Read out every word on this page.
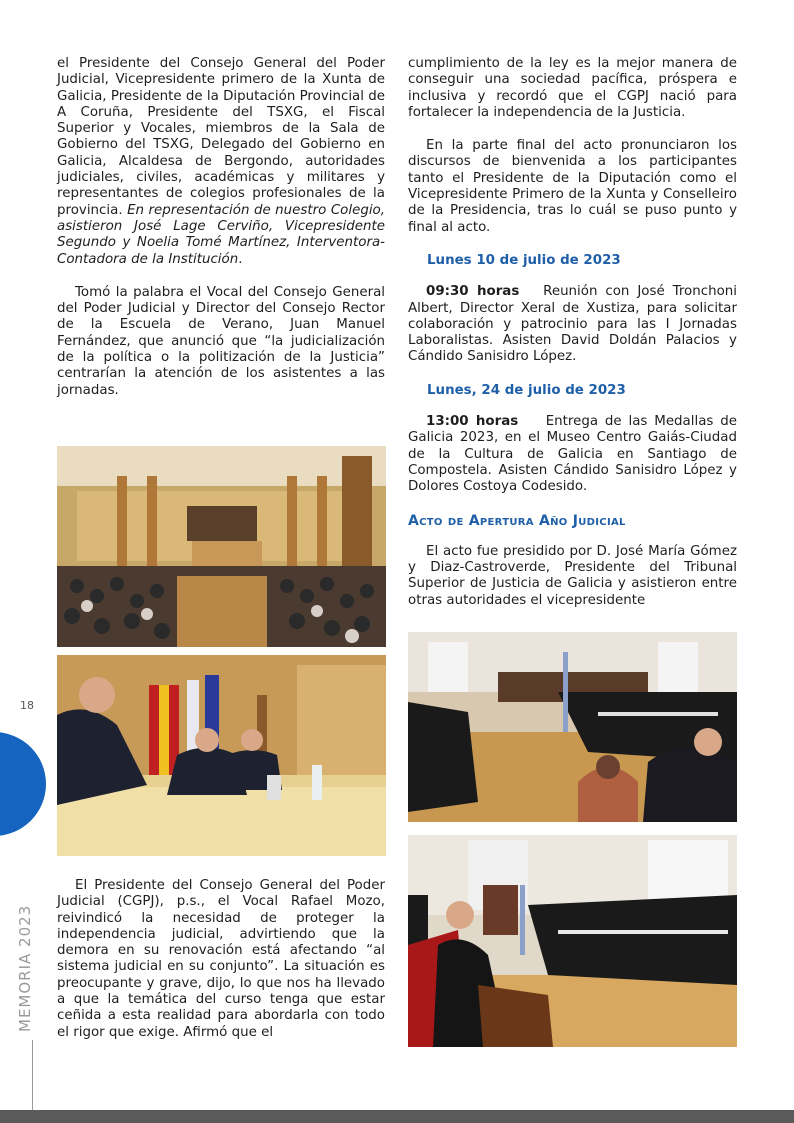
el Presidente del Consejo General del Poder Judicial, Vicepresidente primero de la Xunta de Galicia, Presidente de la Diputación Provincial de A Coruña, Presidente del TSXG, el Fiscal Superior y Vocales, miembros de la Sala de Gobierno del TSXG, Delegado del Gobierno en Galicia, Alcaldesa de Bergondo, autoridades judiciales, civiles, académicas y militares y representantes de colegios profesionales de la provincia. En representación de nuestro Colegio, asistieron José Lage Cerviño, Vicepresidente Segundo y Noelia Tomé Martínez, Interventora-Contadora de la Institución.

Tomó la palabra el Vocal del Consejo General del Poder Judicial y Director del Consejo Rector de la Escuela de Verano, Juan Manuel Fernández, que anunció que “la judicialización de la política o la politización de la Justicia” centrarían la atención de los asistentes a las jornadas.

El Presidente del Consejo General del Poder Judicial (CGPJ), p.s., el Vocal Rafael Mozo, reivindicó la necesidad de proteger la independencia judicial, advirtiendo que la demora en su renovación está afectando “al sistema judicial en su conjunto”. La situación es preocupante y grave, dijo, lo que nos ha llevado a que la temática del curso tenga que estar ceñida a esta realidad para abordarla con todo el rigor que exige. Afirmó que el

cumplimiento de la ley es la mejor manera de conseguir una sociedad pacífica, próspera e inclusiva y recordó que el CGPJ nació para fortalecer la independencia de la Justicia.

En la parte final del acto pronunciaron los discursos de bienvenida a los participantes tanto el Presidente de la Diputación como el Vicepresidente Primero de la Xunta y Conselleiro de la Presidencia, tras lo cuál se puso punto y final al acto.

Lunes 10 de julio de 2023

09:30 horas Reunión con José Tronchoni Albert, Director Xeral de Xustiza, para solicitar colaboración y patrocinio para las I Jornadas Laboralistas. Asisten David Doldán Palacios y Cándido Sanisidro López.

Lunes, 24 de julio de 2023

13:00 horas Entrega de las Medallas de Galicia 2023, en el Museo Centro Gaiás-Ciudad de la Cultura de Galicia en Santiago de Compostela. Asisten Cándido Sanisidro López y Dolores Costoya Codesido.

Acto de Apertura Año Judicial

El acto fue presidido por D. José María Gómez y Diaz-Castroverde, Presidente del Tribunal Superior de Justicia de Galicia y asistieron entre otras autoridades el vicepresidente

18
MEMORIA 2023
